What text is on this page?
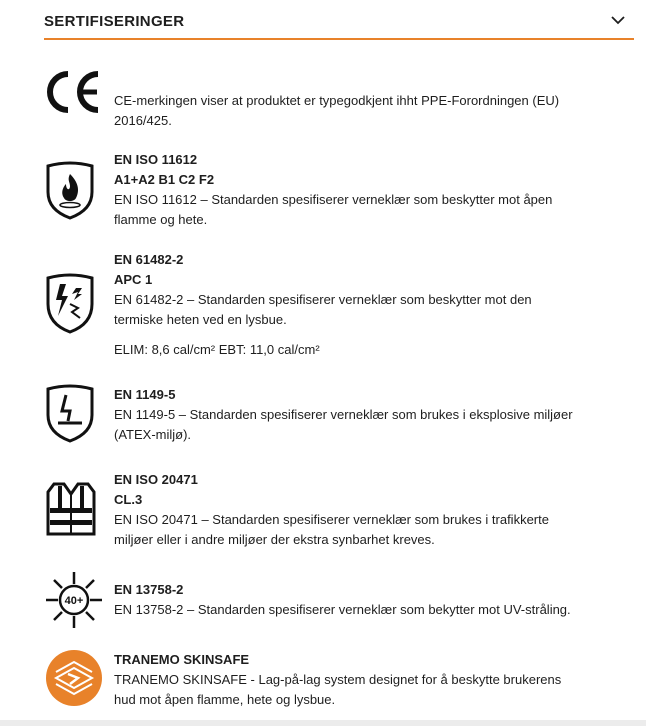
SERTIFISERINGER
CE-merkingen viser at produktet er typegodkjent ihht PPE-Forordningen (EU) 2016/425.
EN ISO 11612
A1+A2 B1 C2 F2
EN ISO 11612 – Standarden spesifiserer verneklær som beskytter mot åpen flamme og hete.
EN 61482-2
APC 1
EN 61482-2 – Standarden spesifiserer verneklær som beskytter mot den termiske heten ved en lysbue.
ELIM: 8,6 cal/cm² EBT: 11,0 cal/cm²
EN 1149-5
EN 1149-5 – Standarden spesifiserer verneklær som brukes i eksplosive miljøer (ATEX-miljø).
EN ISO 20471
CL.3
EN ISO 20471 – Standarden spesifiserer verneklær som brukes i trafikkerte miljøer eller i andre miljøer der ekstra synbarhet kreves.
40+
EN 13758-2
EN 13758-2 – Standarden spesifiserer verneklær som bekytter mot UV-stråling.
TRANEMO SKINSAFE
TRANEMO SKINSAFE - Lag-på-lag system designet for å beskytte brukerens hud mot åpen flamme, hete og lysbue.
